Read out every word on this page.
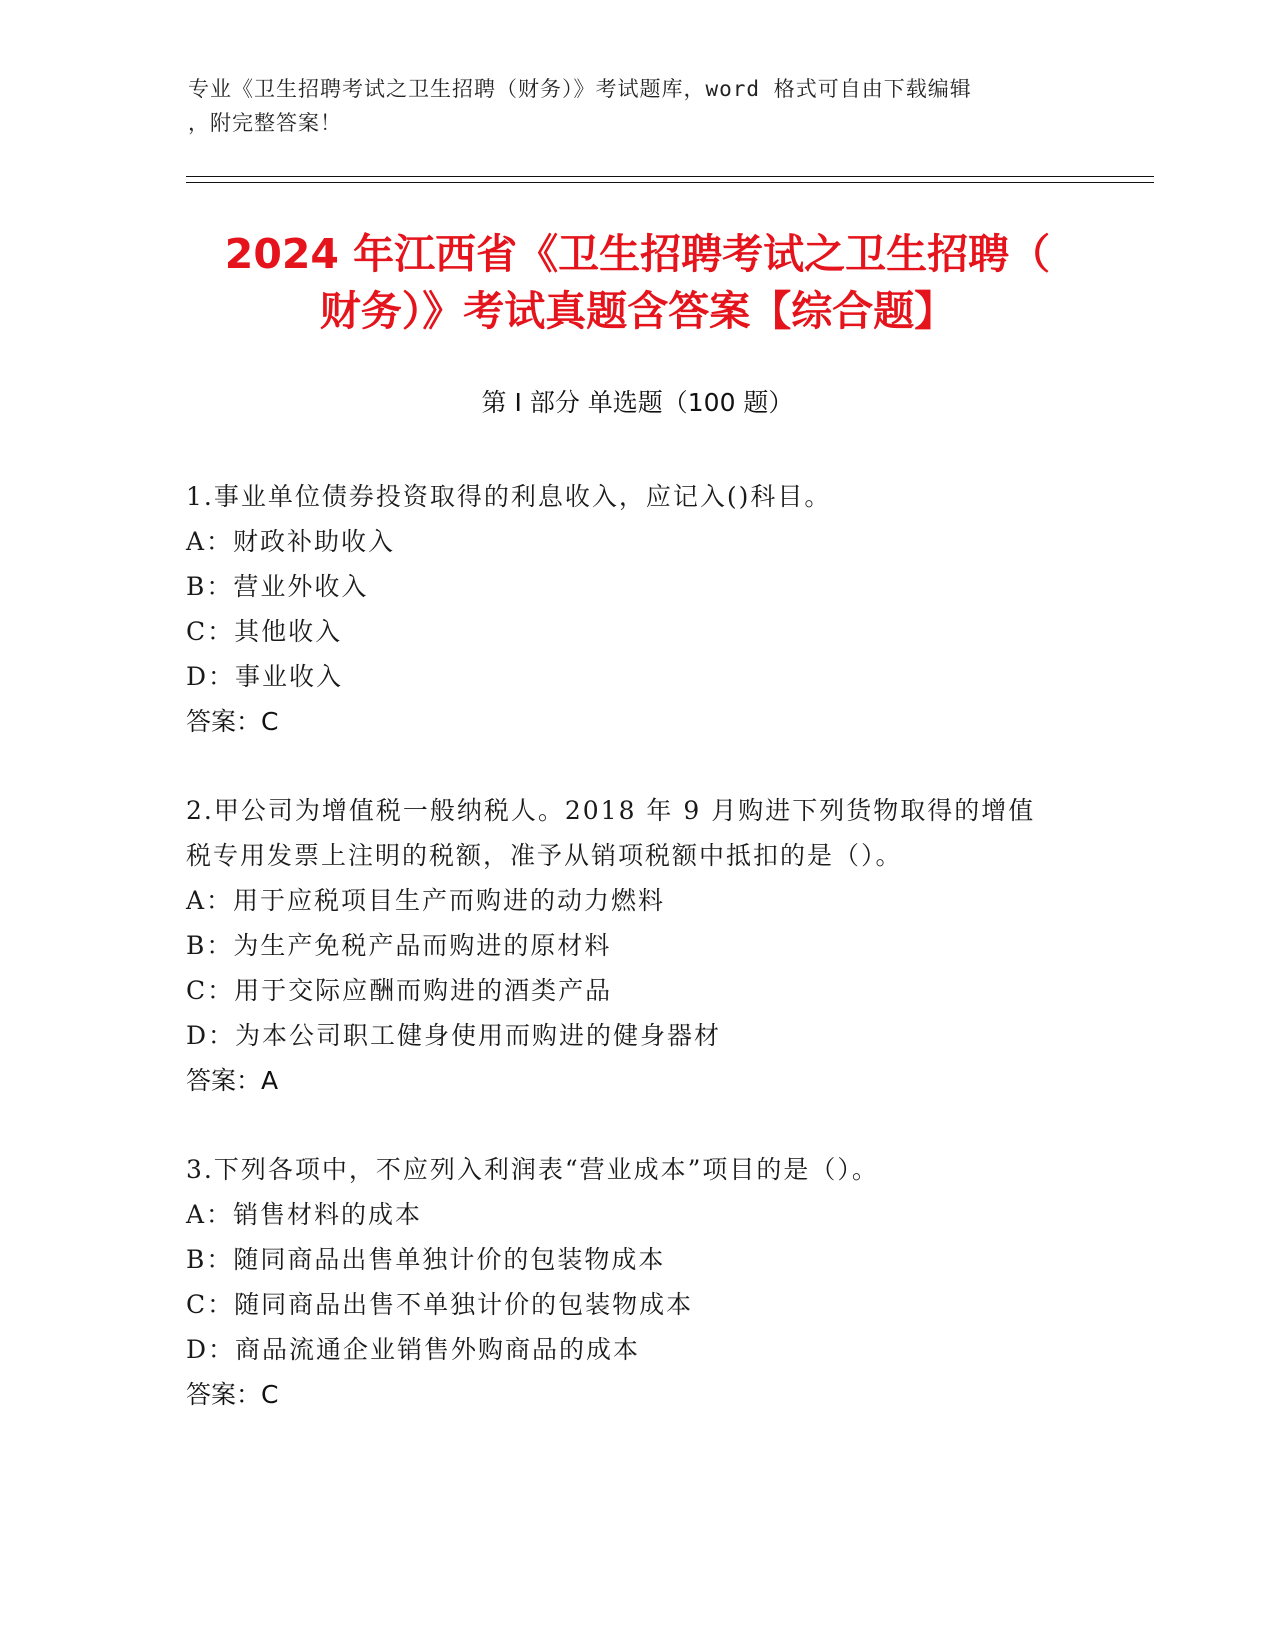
专业《卫生招聘考试之卫生招聘（财务）》考试题库，word 格式可自由下载编辑
，附完整答案！
2024 年江西省《卫生招聘考试之卫生招聘（
财务）》考试真题含答案【综合题】
第 I 部分 单选题（100 题）
1.事业单位债券投资取得的利息收入，应记入()科目。
A：财政补助收入
B：营业外收入
C：其他收入
D：事业收入
答案：C
2.甲公司为增值税一般纳税人。2018 年 9 月购进下列货物取得的增值
税专用发票上注明的税额，准予从销项税额中抵扣的是（）。
A：用于应税项目生产而购进的动力燃料
B：为生产免税产品而购进的原材料
C：用于交际应酬而购进的酒类产品
D：为本公司职工健身使用而购进的健身器材
答案：A
3.下列各项中，不应列入利润表“营业成本”项目的是（）。
A：销售材料的成本
B：随同商品出售单独计价的包装物成本
C：随同商品出售不单独计价的包装物成本
D：商品流通企业销售外购商品的成本
答案：C
